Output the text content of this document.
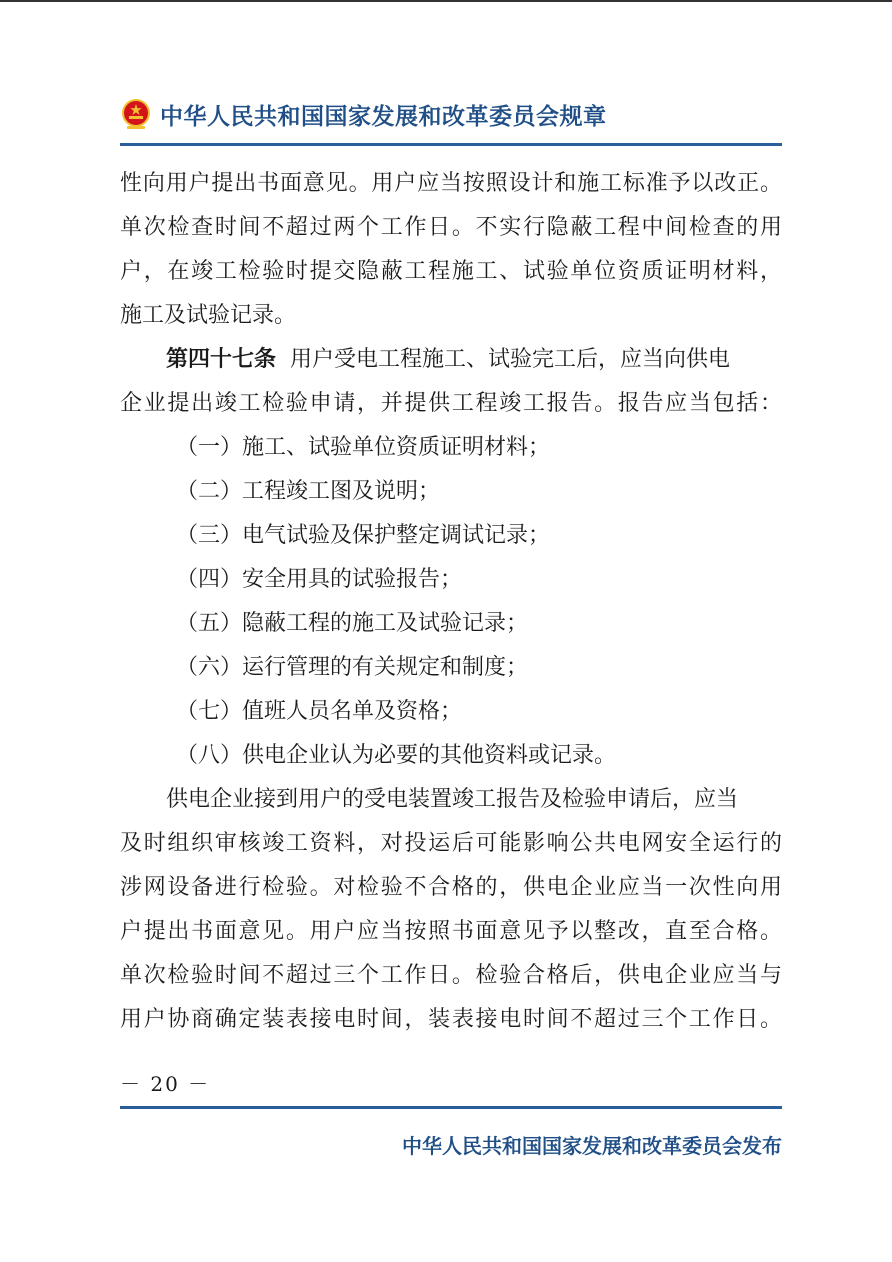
中华人民共和国国家发展和改革委员会规章
性向用户提出书面意见。用户应当按照设计和施工标准予以改正。
单次检查时间不超过两个工作日。不实行隐蔽工程中间检查的用
户，在竣工检验时提交隐蔽工程施工、试验单位资质证明材料，
施工及试验记录。
第四十七条 用户受电工程施工、试验完工后，应当向供电
企业提出竣工检验申请，并提供工程竣工报告。报告应当包括：
（一）施工、试验单位资质证明材料；
（二）工程竣工图及说明；
（三）电气试验及保护整定调试记录；
（四）安全用具的试验报告；
（五）隐蔽工程的施工及试验记录；
（六）运行管理的有关规定和制度；
（七）值班人员名单及资格；
（八）供电企业认为必要的其他资料或记录。
供电企业接到用户的受电装置竣工报告及检验申请后，应当
及时组织审核竣工资料，对投运后可能影响公共电网安全运行的
涉网设备进行检验。对检验不合格的，供电企业应当一次性向用
户提出书面意见。用户应当按照书面意见予以整改，直至合格。
单次检验时间不超过三个工作日。检验合格后，供电企业应当与
用户协商确定装表接电时间，装表接电时间不超过三个工作日。
－ 20 －
中华人民共和国国家发展和改革委员会发布
